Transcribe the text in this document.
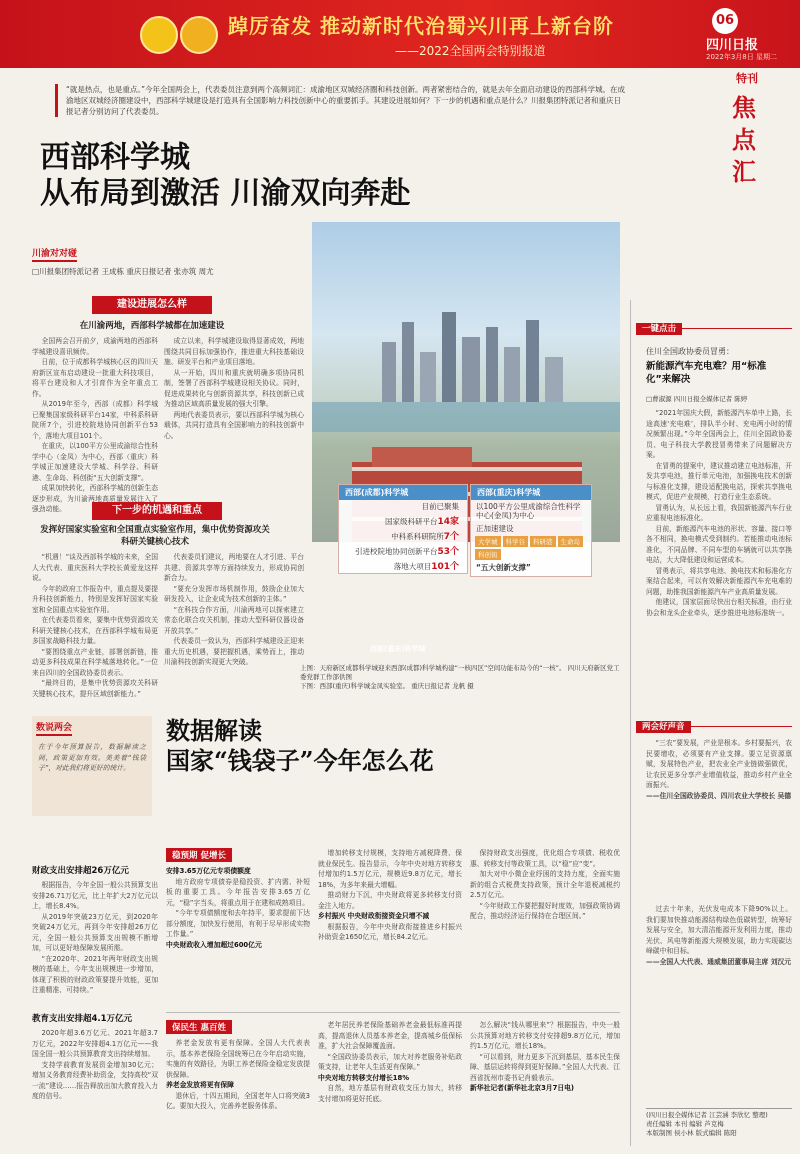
踔厉奋发 推动新时代治蜀兴川再上新台阶
——2022全国两会特别报道
06
四川日报
2022年3月8日 星期二
特刊
焦
点
汇
“就是热点，也是重点。”今年全国两会上，代表委员注意到两个高频词汇：成渝地区双城经济圈和科技创新。两者紧密结合的，就是去年全面启动建设的西部科学城。在成渝地区双城经济圈建设中，西部科学城建设是打造具有全国影响力科技创新中心的重要抓手。其建设进展如何？下一步的机遇和重点是什么？川报集团特派记者和重庆日报记者分别访问了代表委员。
西部科学城
从布局到激活 川渝双向奔赴
川渝对对碰
□川报集团特派记者 王成栋 重庆日报记者 张亦筑 周尤
建设进展怎么样
在川渝两地，西部科学城都在加速建设

全国两会召开前夕，成渝两地的西部科学城建设喜讯频传。

日前，位于成都科学城核心区的四川天府新区宣布启动建设一批重大科技项目，将平台建设和人才引育作为全年重点工作。

从2019年至今，西部（成都）科学城已聚集国家级科研平台14家，中科系科研院所7个，引进校院地协同创新平台53个，落地大项目101个。

在重庆，以100平方公里成渝综合性科学中心（金凤）为中心，西部（重庆）科学城正加速建设大学城、科学谷、科研港、生命岛、科创街“五大创新支撑”。

成果加快转化，西部科学城的创新生态逐步形成，为川渝两地高质量发展注入了强劲动能。

成立以来，科学城建设取得显著成效，两地围绕共同目标加强协作，推进重大科技基础设施、研发平台和产业项目落地。

从一开始，四川和重庆就明确多项协同机制，签署了西部科学城建设相关协议。同时，促进成果转化与创新资源共享，科技创新已成为推动区域高质量发展的强大引擎。

两地代表委员表示，要以西部科学城为核心载体，共同打造具有全国影响力的科技创新中心。

下一步的机遇和重点
发挥好国家实验室和全国重点实验室作用，集中优势资源攻关科研关键核心技术

“机遇！”谈及西部科学城的未来，全国人大代表、重庆医科大学校长黄爱龙这样说。

今年的政府工作报告中，重点提及要提升科技创新能力，特别是发挥好国家实验室和全国重点实验室作用。

在代表委员看来，要集中优势资源攻关科研关键核心技术，在西部科学城布局更多国家战略科技力量。

“要围绕重点产业链，部署创新链，推动更多科技成果在科学城落地转化。”一位来自四川的全国政协委员表示。

“最终目的，是集中优势资源攻关科研关键核心技术，提升区域创新能力。”

代表委员们建议，两地要在人才引进、平台共建、资源共享等方面持续发力，形成协同创新合力。

“要充分发挥市场机制作用，鼓励企业加大研发投入，让企业成为技术创新的主体。”

“在科技合作方面，川渝两地可以探索建立常态化联合攻关机制，推动大型科研仪器设备开放共享。”

代表委员一致认为，西部科学城建设正迎来重大历史机遇，要把握机遇，乘势而上，推动川渝科技创新实现更大突破。

西部(成都)科学城
目前已聚集
国家级科研平台14家
中科系科研院所7个
引进校院地协同创新平台53个
落地大项目101个
西部(重庆)科学城
以100平方公里成渝综合性科学中心(金凤)为中心
正加速建设
大学城 科学谷 科研港 生命岛科创街
“五大创新支撑”
西部(重庆)科学城
上图：天府新区成都科学城迎来西部(成都)科学城构建“一核四区”空间功能布局今的“一核”。 四川天府新区党工委党群工作部供图
下图：西部(重庆)科学城金凤实验室。 重庆日报记者 龙帆 摄
一键点击
住川全国政协委员冒勇：
新能源汽车充电难？用“标准化”来解决
□曹淑源 四川日报全媒体记者 陈婷

“2021年国庆大假，新能源汽车单中上路，长途高速‘充电难’，排队半小时、充电两小时的情况频繁出现。”今年全国两会上，住川全国政协委员、电子科技大学教授冒勇带来了问题解决方案。

在冒勇的提案中，建议推动建立电池标准，开发共享电池，推行单元电池，加强换电技术创新与标准化支撑，建设适配换电站，探索共享换电模式，促进产业规模，打造行业生态系统。

冒勇认为，从长远上看，我国新能源汽车行业应重视电池标准化。

目前，新能源汽车电池的形状、容量、接口等各不相同，换电模式受到制约。若能推动电池标准化，不同品牌、不同车型的车辆就可以共享换电站，大大降低建设和运营成本。

冒勇表示，将共享电池、换电技术和标准化方案结合起来，可以有效解决新能源汽车充电难的问题，助推我国新能源汽车产业高质量发展。

他建议，国家层面尽快出台相关标准，由行业协会和龙头企业牵头，逐步推进电池标准统一。

两会好声音

“三农”要发展，产业是根本。乡村要振兴，农民要增收，必须要有产业支撑。要立足资源禀赋，发展特色产业，把农业全产业链做强做优，让农民更多分享产业增值收益，推动乡村产业全面振兴。

——住川全国政协委员、四川农业大学校长 吴德

过去十年来，光伏发电成本下降90%以上。我们要加快推动能源结构绿色低碳转型，统筹好发展与安全，加大清洁能源开发利用力度，推动光伏、风电等新能源大规模发展，助力实现碳达峰碳中和目标。

——全国人大代表、通威集团董事局主席 刘汉元

(四川日报全媒体记者 江芸涵 李欣忆 整理)
责任编辑 本刊 编辑 芦克梅
本版制图 侯小林 版式编辑 陈阳
数说两会
在于今年预算报告，数据解读之间，政策更加有效。美美着“钱袋子”，对此我们将更好的统计。
数据解读
国家“钱袋子”今年怎么花
财政支出安排超26万亿元

根据报告，今年全国一般公共预算支出安排26.71万亿元，比上年扩大2万亿元以上，增长8.4%。

从2019年突破23万亿元，到2020年突破24万亿元，再到今年安排超26万亿元，全国一般公共预算支出规模不断增加，可以更好地保障发展所需。

“在2020年、2021年两年财政支出规模的基础上，今年支出规模进一步增加，体现了积极的财政政策要提升效能，更加注重精准、可持续。”

教育支出安排超4.1万亿元

2020年超3.6万亿元、2021年超3.7万亿元，2022年安排超4.1万亿元——我国全国一般公共预算教育支出持续增加。

支持学前教育发展资金增加30亿元；增加义务教育经费补助资金，支持高校“双一流”建设……报告释放出加大教育投入力度的信号。

稳预期 促增长

安排3.65万亿元专项债额度

地方政府专项债券是稳投资、扩内需、补短板的重要工具。今年报告安排3.65万亿元，“稳”字当头，将重点用于在建和成熟项目。

“今年专项债额度和去年持平，要求提前下达部分额度，加快发行使用，有利于尽早形成实物工作量。”

中央财政收入增加超过600亿元

增加转移支付规模，支持地方减税降费、保就业保民生。报告显示，今年中央对地方转移支付增加约1.5万亿元，规模近9.8万亿元，增长18%，为多年来最大增幅。

推动财力下沉，中央财政将更多转移支付资金注入地方。

乡村振兴 中央财政衔接资金只增不减

根据报告，今年中央财政衔接推进乡村振兴补助资金1650亿元，增长84.2亿元。

保持财政支出强度，优化组合专项债、税收优惠、转移支付等政策工具，以“稳”应“变”。

加大对中小微企业纾困的支持力度，全面实施新的组合式税费支持政策，预计全年退税减税约2.5万亿元。

“今年财政工作要把握好时度效，加强政策协调配合，推动经济运行保持在合理区间。”

保民生 惠百姓

养老金发放有更有保障。全国人大代表表示，基本养老保险全国统筹已在今年启动实施，实施的有效路径，为职工养老保险金稳定发放提供保障。

养老金发放将更有保障

退休后，十四五期间，全国老年人口将突破3亿。要加大投入，完善养老服务体系。

老年居民养老保险基础养老金最低标准再提高，提高退休人员基本养老金，提高城乡低保标准，扩大社会保障覆盖面。

“全国政协委员表示，加大对养老服务补贴政策支持，让老年人生活更有保障。”

中央对地方转移支付增长18%

自然，地方基层有财政收支压力加大，转移支付增加将更好托底。

怎么解决“钱从哪里来”？根据报告，中央一般公共预算对地方转移支付安排超9.8万亿元，增加约1.5万亿元，增长18%。

“可以看到，财力更多下沉到基层，基本民生保障、基层运转将得到更好保障。”全国人大代表、江西省抚州市委书记肖毅表示。

新华社记者(新华社北京3月7日电)
